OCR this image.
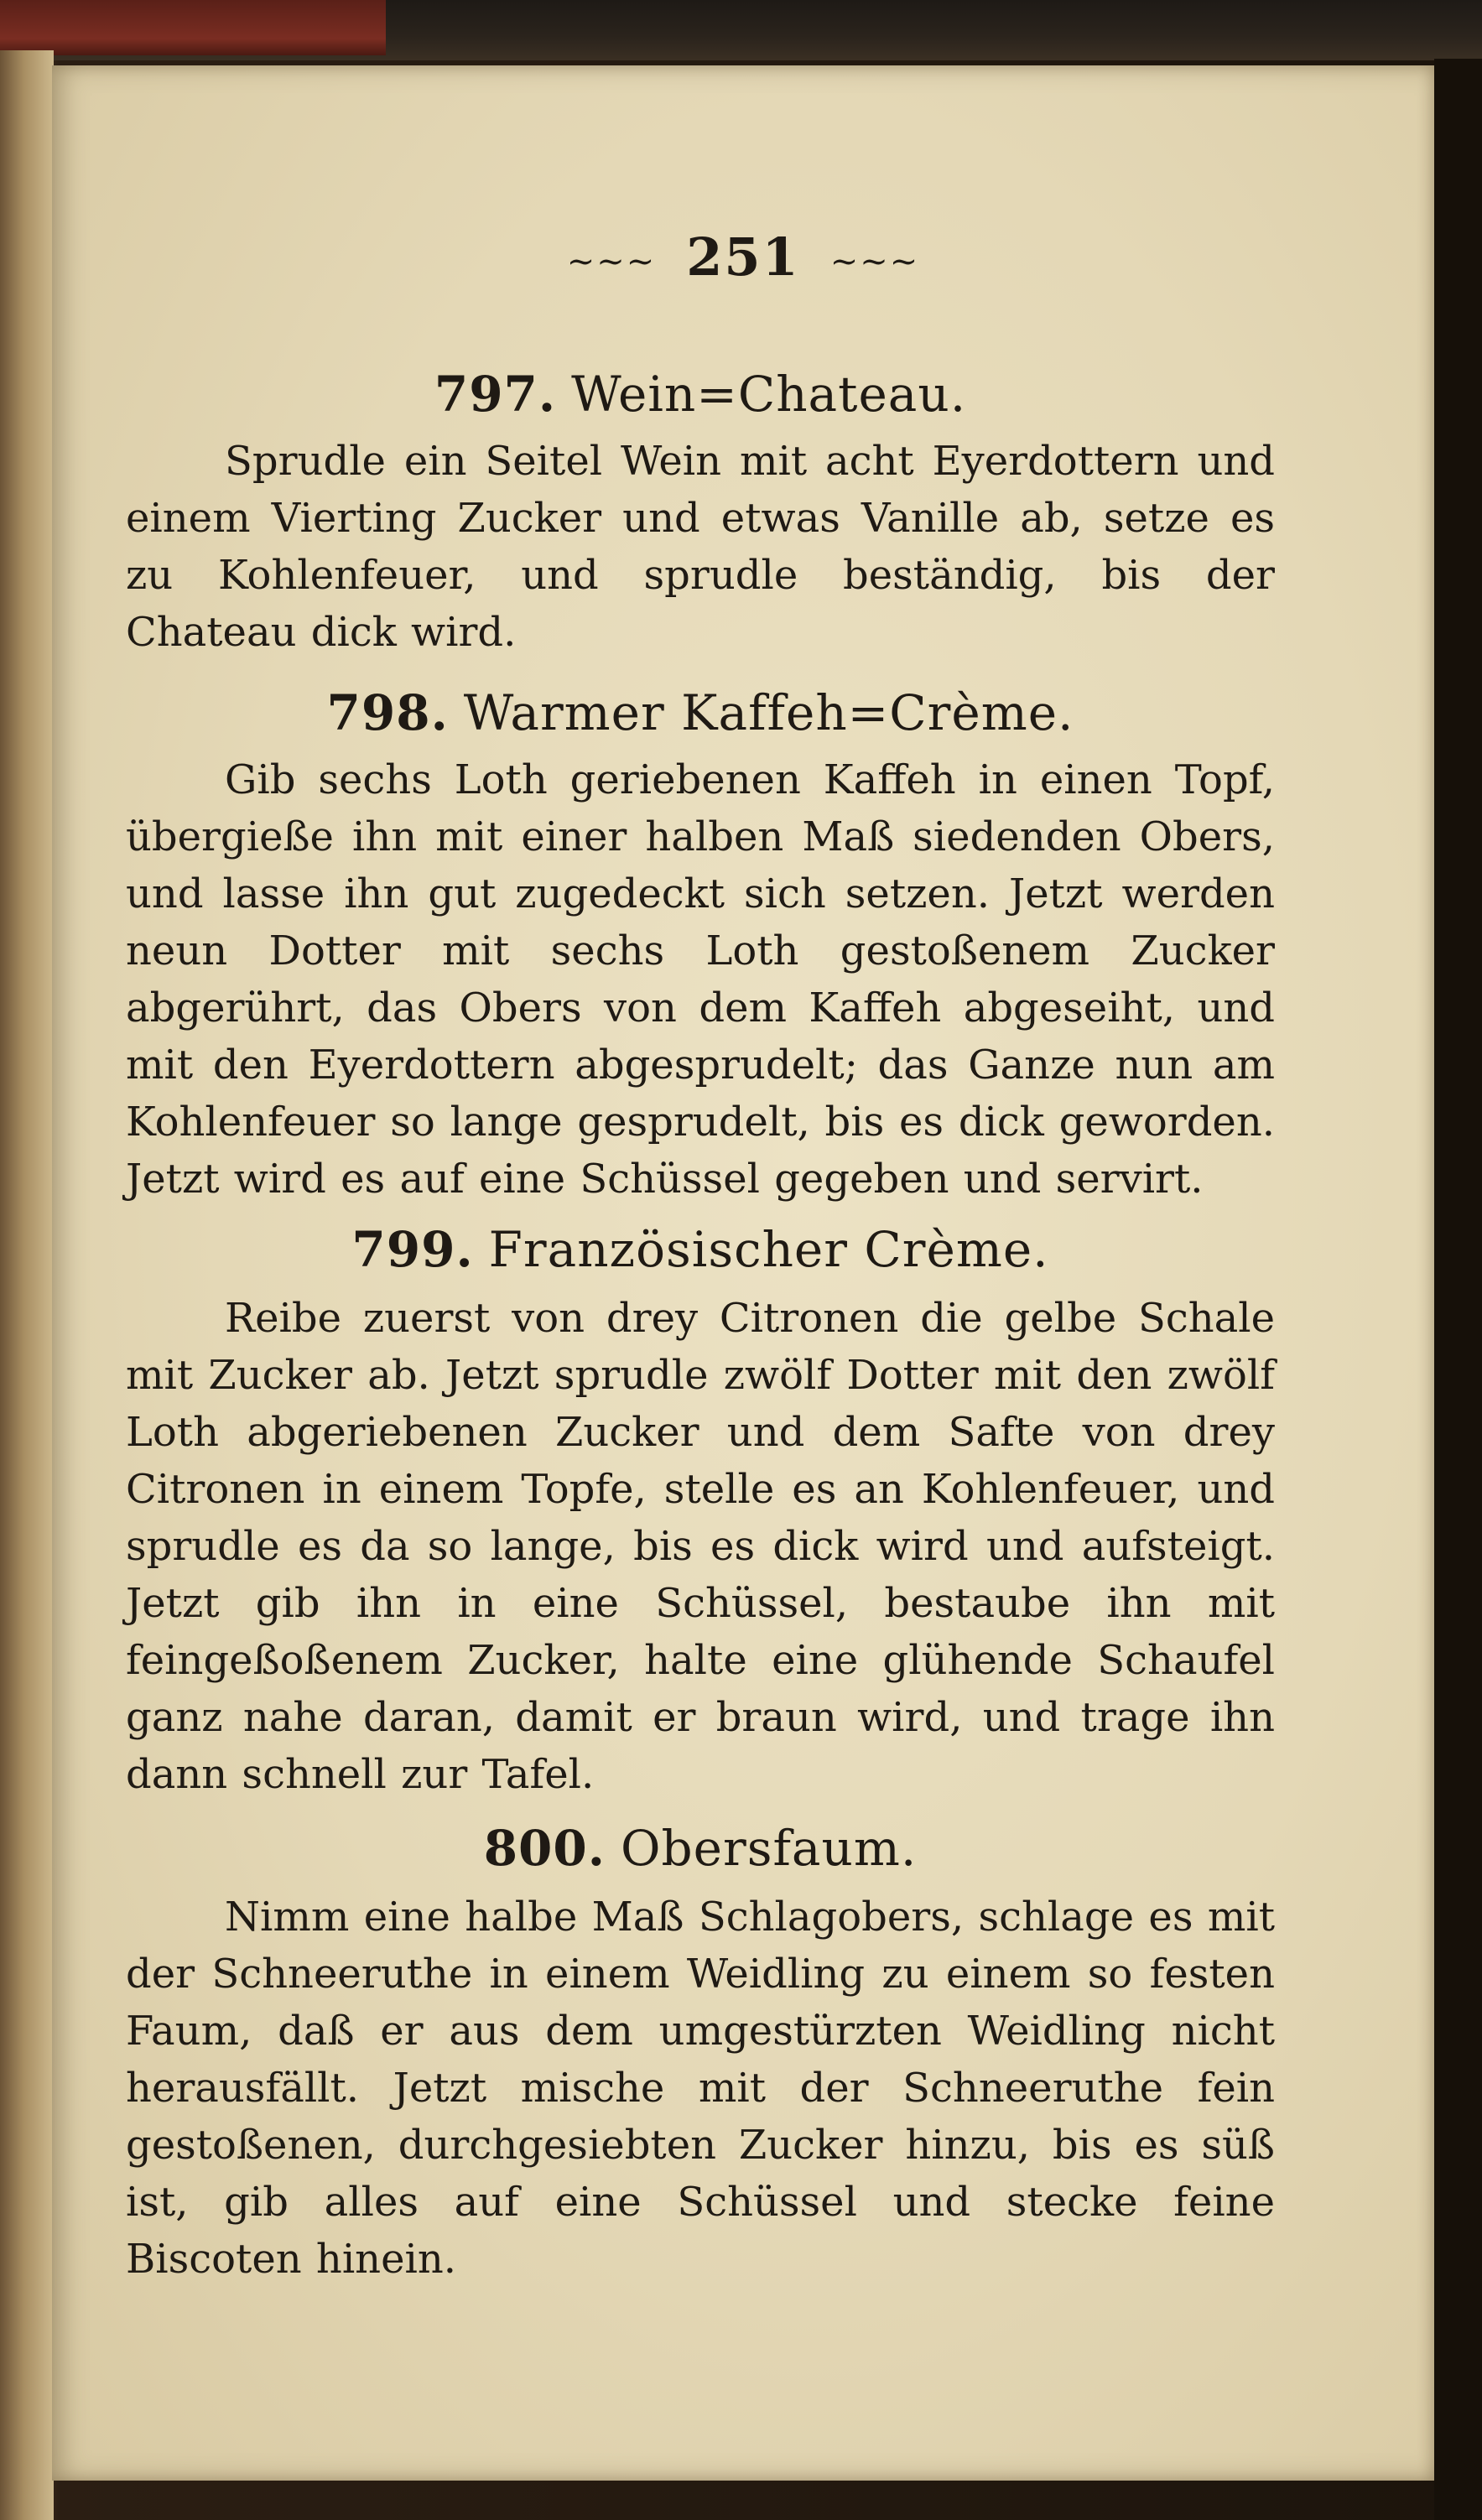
~~~ 251 ~~~
797. Wein=Chateau.
Sprudle ein Seitel Wein mit acht Eyerdottern und einem Vierting Zucker und etwas Vanille ab, setze es zu Kohlenfeuer, und sprudle beständig, bis der Chateau dick wird.
798. Warmer Kaffeh=Crème.
Gib sechs Loth geriebenen Kaffeh in einen Topf, übergieße ihn mit einer halben Maß siedenden Obers, und lasse ihn gut zugedeckt sich setzen. Jetzt werden neun Dotter mit sechs Loth gestoßenem Zucker abgerührt, das Obers von dem Kaffeh abgeseiht, und mit den Eyerdottern abgesprudelt; das Ganze nun am Kohlenfeuer so lange gesprudelt, bis es dick geworden. Jetzt wird es auf eine Schüssel gegeben und servirt.
799. Französischer Crème.
Reibe zuerst von drey Citronen die gelbe Schale mit Zucker ab. Jetzt sprudle zwölf Dotter mit den zwölf Loth abgeriebenen Zucker und dem Safte von drey Citronen in einem Topfe, stelle es an Kohlenfeuer, und sprudle es da so lange, bis es dick wird und aufsteigt. Jetzt gib ihn in eine Schüssel, bestaube ihn mit feingeßoßenem Zucker, halte eine glühende Schaufel ganz nahe daran, damit er braun wird, und trage ihn dann schnell zur Tafel.
800. Obersfaum.
Nimm eine halbe Maß Schlagobers, schlage es mit der Schneeruthe in einem Weidling zu einem so festen Faum, daß er aus dem umgestürzten Weidling nicht herausfällt. Jetzt mische mit der Schneeruthe fein gestoßenen, durchgesiebten Zucker hinzu, bis es süß ist, gib alles auf eine Schüssel und stecke feine Biscoten hinein.
